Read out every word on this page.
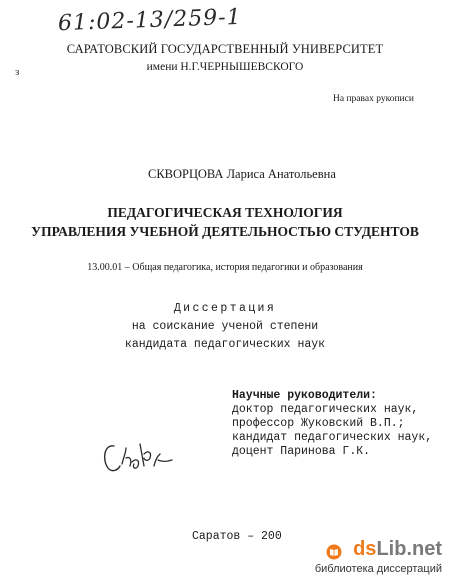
61:02-13/259-1
САРАТОВСКИЙ ГОСУДАРСТВЕННЫЙ УНИВЕРСИТЕТ
имени Н.Г.ЧЕРНЫШЕВСКОГО
з
На правах рукописи
СКВОРЦОВА Лариса Анатольевна
ПЕДАГОГИЧЕСКАЯ ТЕХНОЛОГИЯ
УПРАВЛЕНИЯ УЧЕБНОЙ ДЕЯТЕЛЬНОСТЬЮ СТУДЕНТОВ
13.00.01 – Общая педагогика, история педагогики и образования
Диссертация
на соискание ученой степени
кандидата педагогических наук
Научные руководители:
доктор педагогических наук,
профессор Жуковский В.П.;
кандидат педагогических наук,
доцент Паринова Г.К.
Саратов – 200
dsLib.net
библиотека диссертаций
